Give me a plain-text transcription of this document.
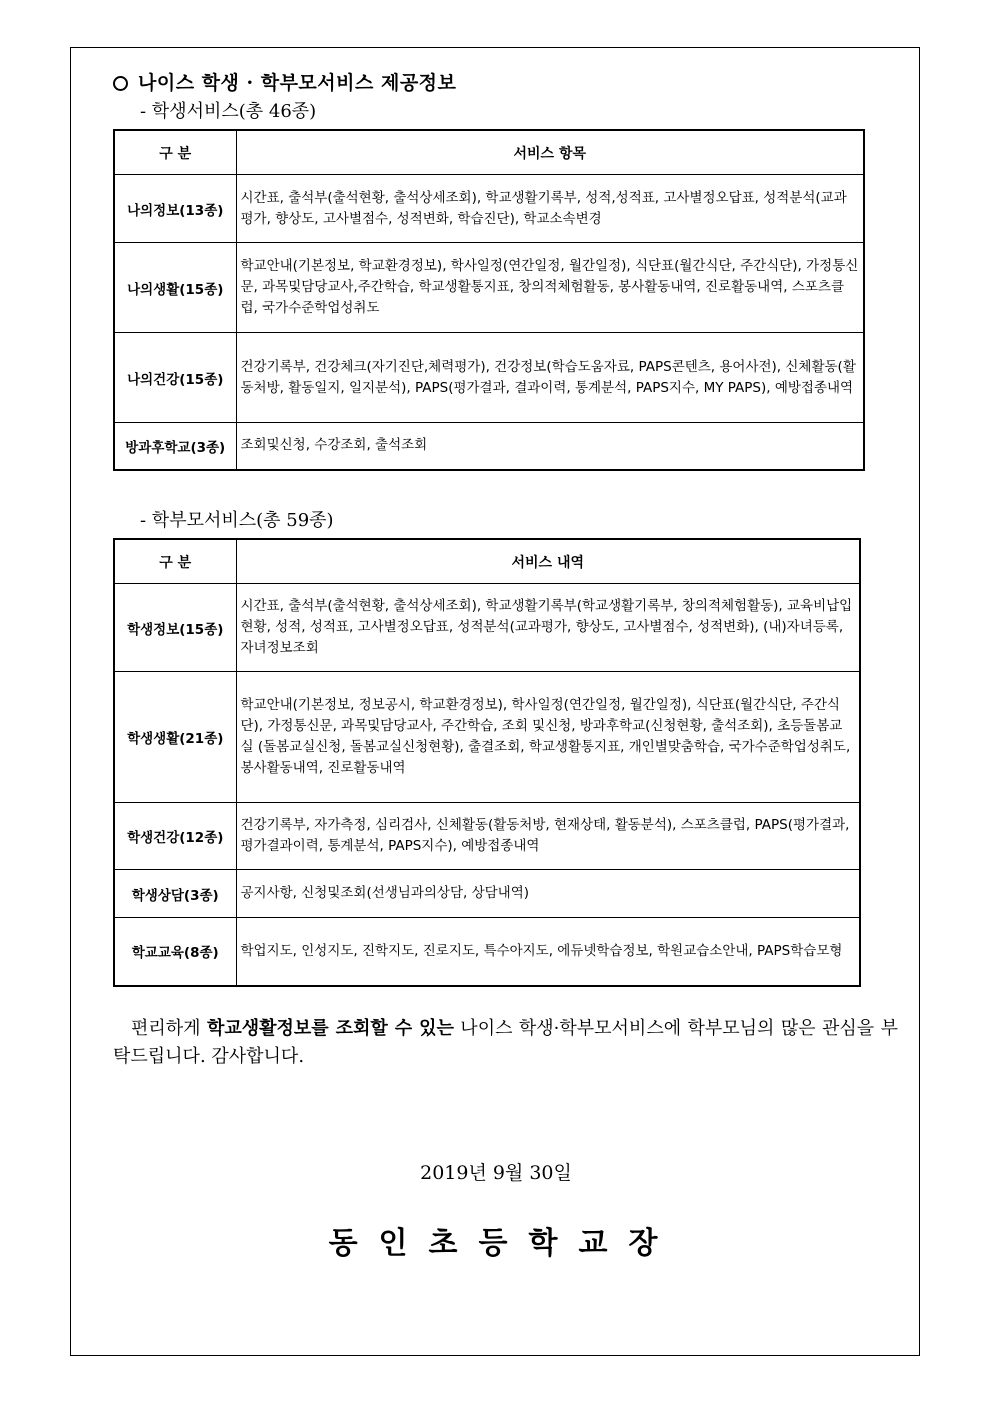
나이스 학생 · 학부모서비스 제공정보
- 학생서비스(총 46종)
구 분	서비스 항목
나의정보(13종)	시간표, 출석부(출석현황, 출석상세조회), 학교생활기록부, 성적,성적표, 고사별정오답표, 성적분석(교과평가, 향상도, 고사별점수, 성적변화, 학습진단), 학교소속변경
나의생활(15종)	학교안내(기본정보, 학교환경정보), 학사일정(연간일정, 월간일정), 식단표(월간식단, 주간식단), 가정통신문, 과목및담당교사,주간학습, 학교생활통지표, 창의적체험활동, 봉사활동내역, 진로활동내역, 스포츠클럽, 국가수준학업성취도
나의건강(15종)	건강기록부, 건강체크(자기진단,체력평가), 건강정보(학습도움자료, PAPS콘텐츠, 용어사전), 신체활동(활동처방, 활동일지, 일지분석), PAPS(평가결과, 결과이력, 통계분석, PAPS지수, MY PAPS), 예방접종내역
방과후학교(3종)	조회및신청, 수강조회, 출석조회
- 학부모서비스(총 59종)
구 분	서비스 내역
학생정보(15종)	시간표, 출석부(출석현황, 출석상세조회), 학교생활기록부(학교생활기록부, 창의적체험활동), 교육비납입현황, 성적, 성적표, 고사별정오답표, 성적분석(교과평가, 향상도, 고사별점수, 성적변화), (내)자녀등록, 자녀정보조회
학생생활(21종)	학교안내(기본정보, 정보공시, 학교환경정보), 학사일정(연간일정, 월간일정), 식단표(월간식단, 주간식단), 가정통신문, 과목및담당교사, 주간학습, 조회 및신청, 방과후학교(신청현황, 출석조회), 초등돌봄교실 (돌봄교실신청, 돌봄교실신청현황), 출결조회, 학교생활통지표, 개인별맞춤학습, 국가수준학업성취도, 봉사활동내역, 진로활동내역
학생건강(12종)	건강기록부, 자가측정, 심리검사, 신체활동(활동처방, 현재상태, 활동분석), 스포츠클럽, PAPS(평가결과,평가결과이력, 통계분석, PAPS지수), 예방접종내역
학생상담(3종)	공지사항, 신청및조회(선생님과의상담, 상담내역)
학교교육(8종)	학업지도, 인성지도, 진학지도, 진로지도, 특수아지도, 에듀넷학습정보, 학원교습소안내, PAPS학습모형

편리하게 학교생활정보를 조회할 수 있는 나이스 학생·학부모서비스에 학부모님의 많은 관심을 부탁드립니다. 감사합니다.

2019년 9월 30일
동인초등학교장
